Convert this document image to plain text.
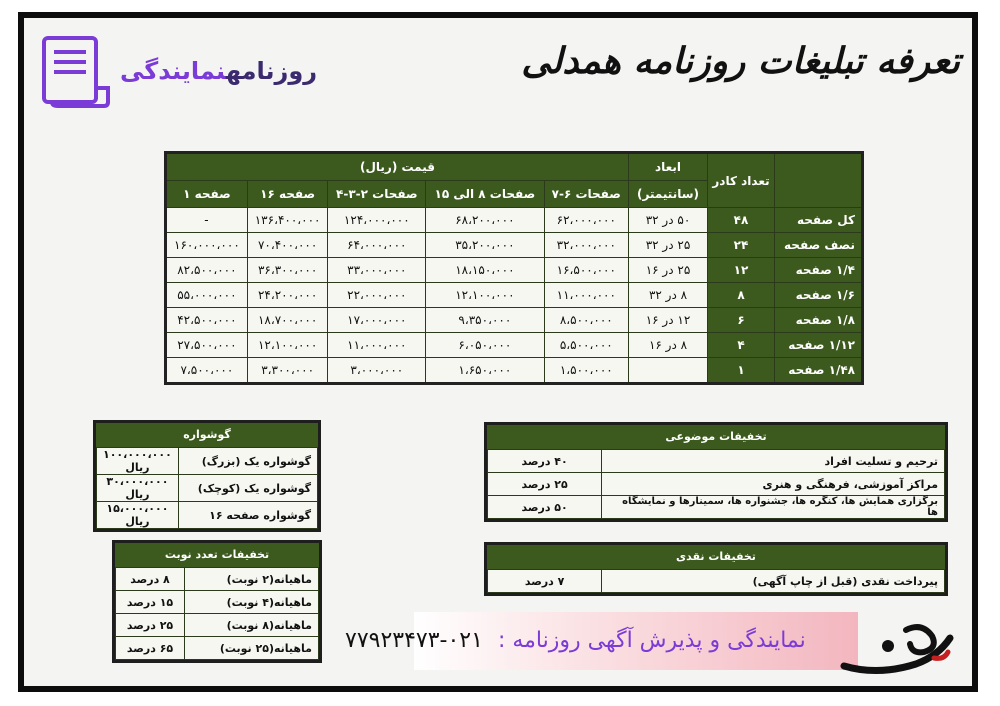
روزنامهنمایندگی	تعرفه تبلیغات روزنامه همدلی
	تعداد کادر	ابعاد	قیمت (ریال)				
		(سانتیمتر)	صفحات ۶-۷	صفحات ۸ الی ۱۵	صفحات ۲-۳-۴	صفحه ۱۶	صفحه ۱
کل صفحه	۴۸	۵۰ در ۳۲	۶۲،۰۰۰،۰۰۰	۶۸،۲۰۰،۰۰۰	۱۲۴،۰۰۰،۰۰۰	۱۳۶،۴۰۰،۰۰۰	-
نصف صفحه	۲۴	۲۵ در ۳۲	۳۲،۰۰۰،۰۰۰	۳۵،۲۰۰،۰۰۰	۶۴،۰۰۰،۰۰۰	۷۰،۴۰۰،۰۰۰	۱۶۰،۰۰۰،۰۰۰
۱/۴ صفحه	۱۲	۲۵ در ۱۶	۱۶،۵۰۰،۰۰۰	۱۸،۱۵۰،۰۰۰	۳۳،۰۰۰،۰۰۰	۳۶،۳۰۰،۰۰۰	۸۲،۵۰۰،۰۰۰
۱/۶ صفحه	۸	۸ در ۳۲	۱۱،۰۰۰،۰۰۰	۱۲،۱۰۰،۰۰۰	۲۲،۰۰۰،۰۰۰	۲۴،۲۰۰،۰۰۰	۵۵،۰۰۰،۰۰۰
۱/۸ صفحه	۶	۱۲ در ۱۶	۸،۵۰۰،۰۰۰	۹،۳۵۰،۰۰۰	۱۷،۰۰۰،۰۰۰	۱۸،۷۰۰،۰۰۰	۴۲،۵۰۰،۰۰۰
۱/۱۲ صفحه	۴	۸ در ۱۶	۵،۵۰۰،۰۰۰	۶،۰۵۰،۰۰۰	۱۱،۰۰۰،۰۰۰	۱۲،۱۰۰،۰۰۰	۲۷،۵۰۰،۰۰۰
۱/۴۸ صفحه	۱		۱،۵۰۰،۰۰۰	۱،۶۵۰،۰۰۰	۳،۰۰۰،۰۰۰	۳،۳۰۰،۰۰۰	۷،۵۰۰،۰۰۰
گوشواره
گوشواره یک (بزرگ)	۱۰۰،۰۰۰،۰۰۰ ریال
گوشواره یک (کوچک)	۳۰،۰۰۰،۰۰۰ ریال
گوشواره صفحه ۱۶	۱۵،۰۰۰،۰۰۰ ریال
تخفیفات تعدد نوبت
ماهیانه(۲ نوبت)	۸ درصد
ماهیانه(۴ نوبت)	۱۵ درصد
ماهیانه(۸ نوبت)	۲۵ درصد
ماهیانه(۲۵ نوبت)	۶۵ درصد
تخفیفات موضوعی
ترحیم و تسلیت افراد	۴۰ درصد
مراکز آموزشی، فرهنگی و هنری	۲۵ درصد
برگزاری همایش ها، کنگره ها، جشنواره ها، سمینارها و نمایشگاه ها	۵۰ درصد
تخفیفات نقدی
پیرداخت نقدی (قبل از چاپ آگهی)	۷ درصد
نمایندگی و پذیرش آگهی روزنامه : ۰۲۱-۷۷۹۲۳۴۷۳
